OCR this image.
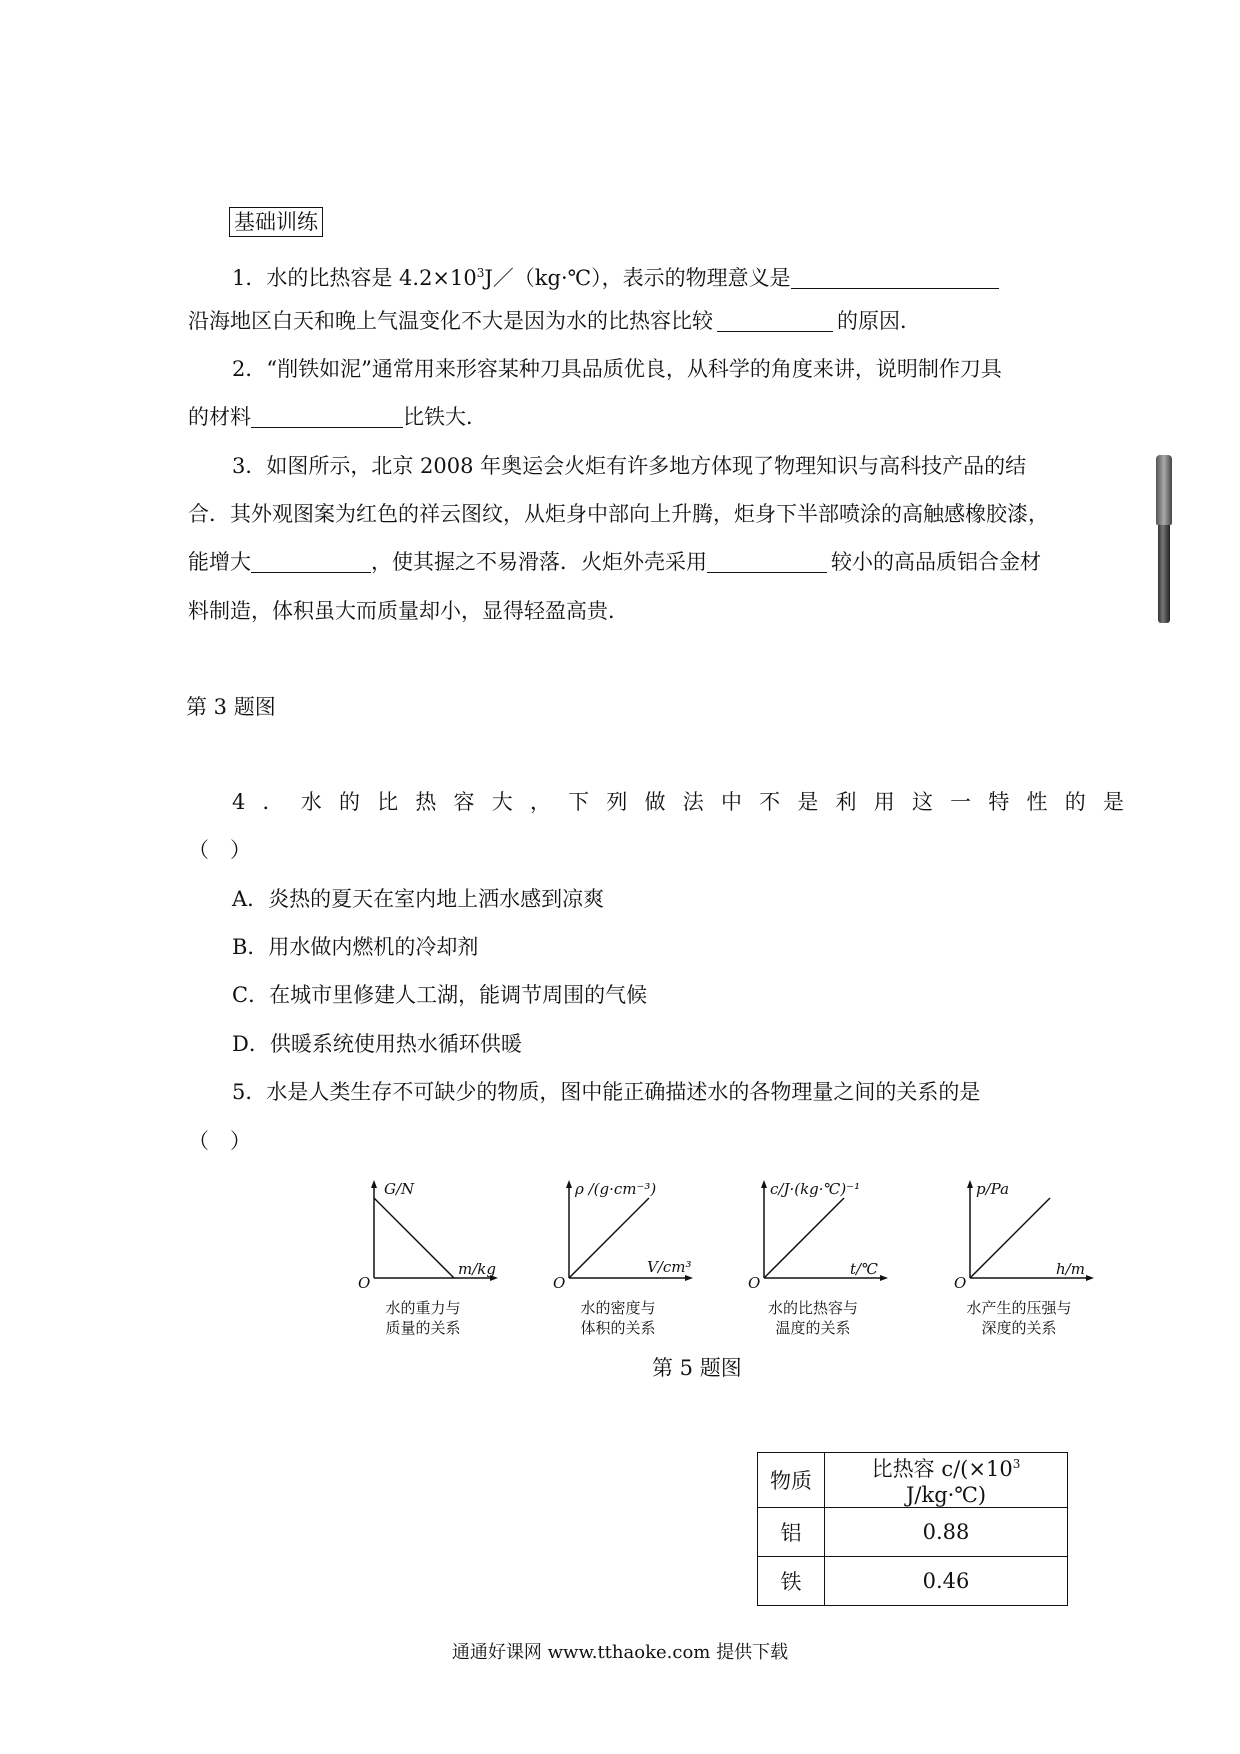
基础训练
1．水的比热容是 $4.2\times 10^3J/(kg\cdot℃)$，表示的物理意义是
沿海地区白天和晚上气温变化不大是因为水的比热容比较	的原因．
2．“削铁如泥”通常用来形容某种刀具品质优良，从科学的角度来讲，说明制作刀具
的材料	比铁大．
3．如图所示，北京 2008 年奥运会火炬有许多地方体现了物理知识与高科技产品的结
合．其外观图案为红色的祥云图纹，从炬身中部向上升腾，炬身下半部喷涂的高触感橡胶漆，
能增大	，使其握之不易滑落．火炬外壳采用	较小的高品质铝合金材
料制造，体积虽大而质量却小，显得轻盈高贵．
第 3 题图
4．水的比热容大，下列做法中不是利用这一特性的是
（　）
A．炎热的夏天在室内地上洒水感到凉爽
B．用水做内燃机的冷却剂
C．在城市里修建人工湖，能调节周围的气候
D．供暖系统使用热水循环供暖
5．水是人类生存不可缺少的物质，图中能正确描述水的各物理量之间的关系的是
（　）
G/N
m/kg
O
水的重力与
质量的关系
ρ /(g·cm⁻³)
V/cm³
O
水的密度与
体积的关系
c/J·(kg·℃)⁻¹
t/℃
O
水的比热容与
温度的关系
p/Pa
h/m
O
水产生的压强与
深度的关系
第 5 题图
物质	比热容 $c/(\times 10^3$ J/kg·℃)
铝	0.88
铁	0.46
通通好课网 www.tthaoke.com 提供下载
